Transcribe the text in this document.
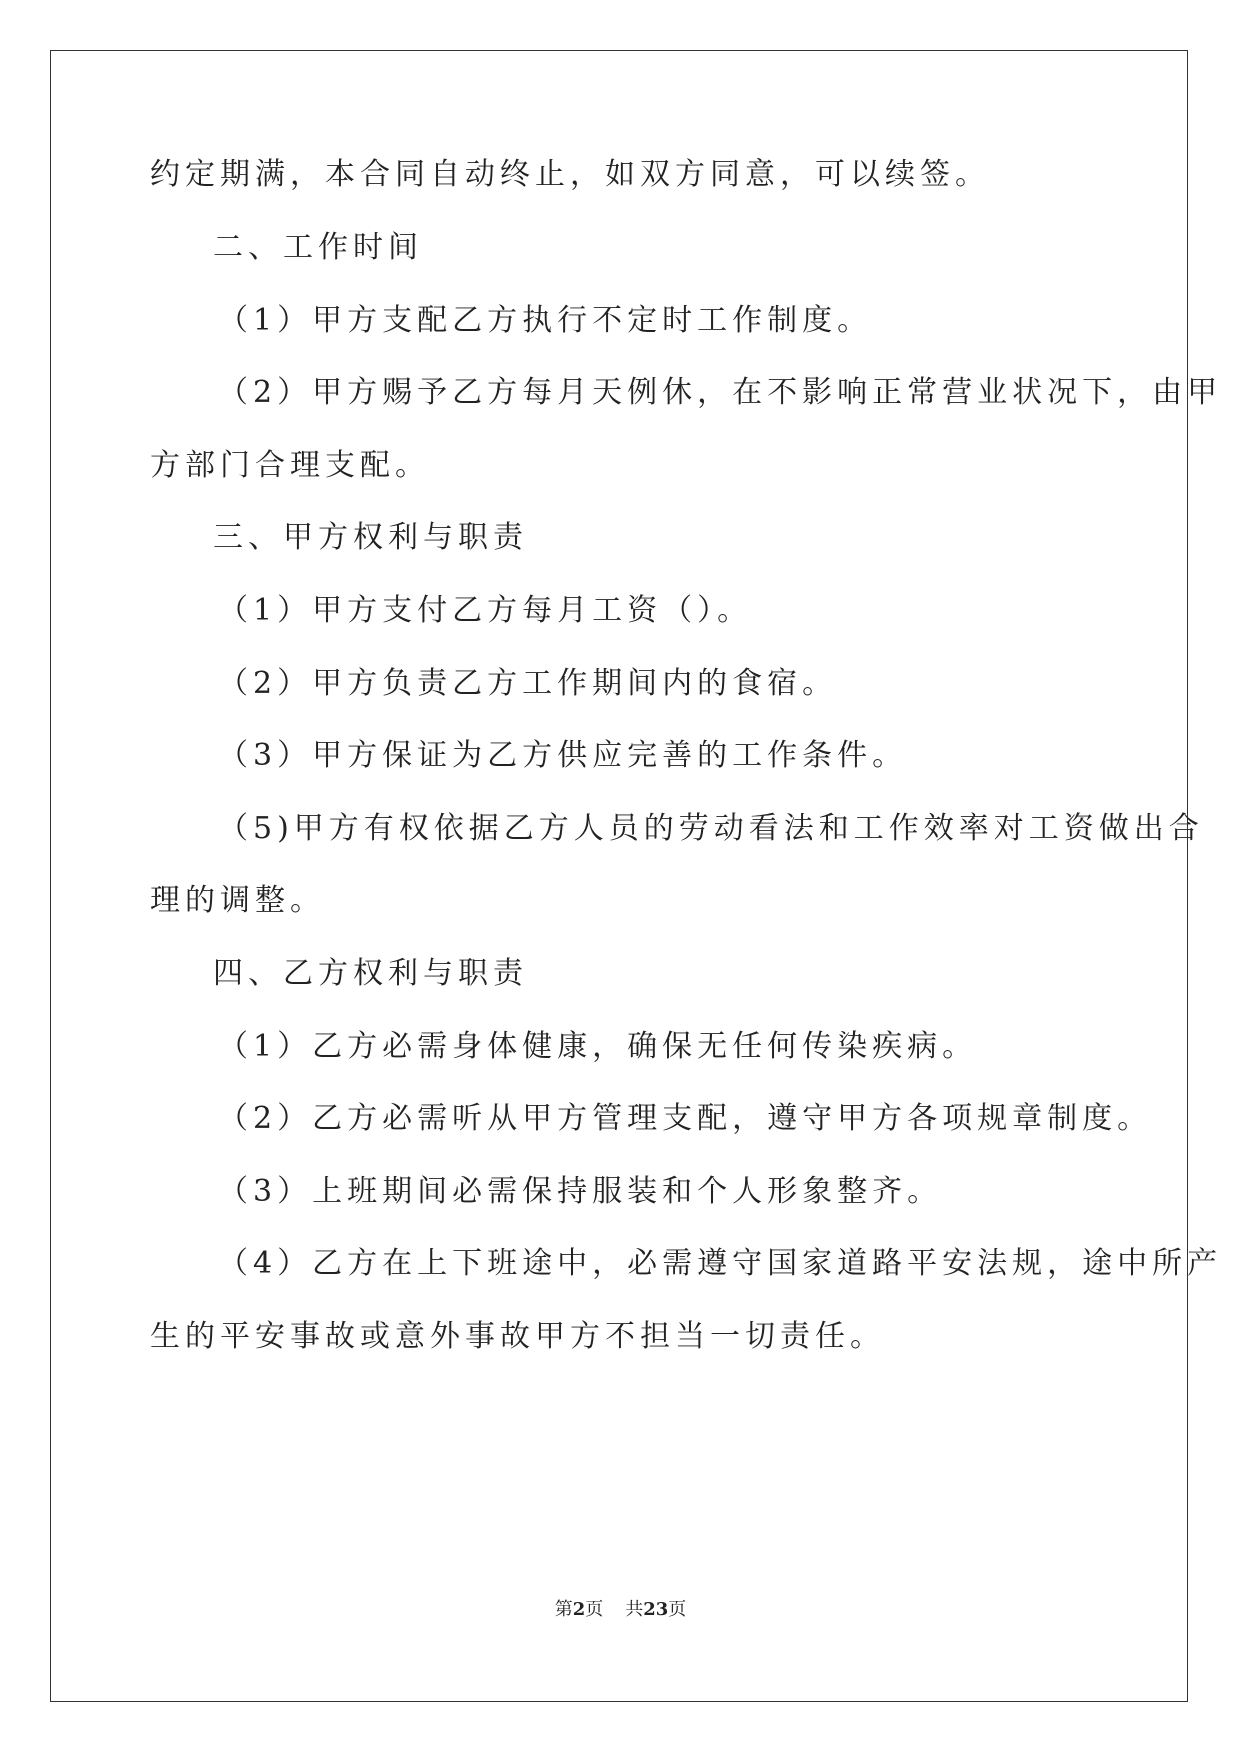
约定期满，本合同自动终止，如双方同意，可以续签。
二、工作时间
（1）甲方支配乙方执行不定时工作制度。
（2）甲方赐予乙方每月天例休，在不影响正常营业状况下，由甲
方部门合理支配。
三、甲方权利与职责
（1）甲方支付乙方每月工资（）。
（2）甲方负责乙方工作期间内的食宿。
（3）甲方保证为乙方供应完善的工作条件。
（5)甲方有权依据乙方人员的劳动看法和工作效率对工资做出合
理的调整。
四、乙方权利与职责
（1）乙方必需身体健康，确保无任何传染疾病。
（2）乙方必需听从甲方管理支配，遵守甲方各项规章制度。
（3）上班期间必需保持服装和个人形象整齐。
（4）乙方在上下班途中，必需遵守国家道路平安法规，途中所产
生的平安事故或意外事故甲方不担当一切责任。
第2页 共23页
